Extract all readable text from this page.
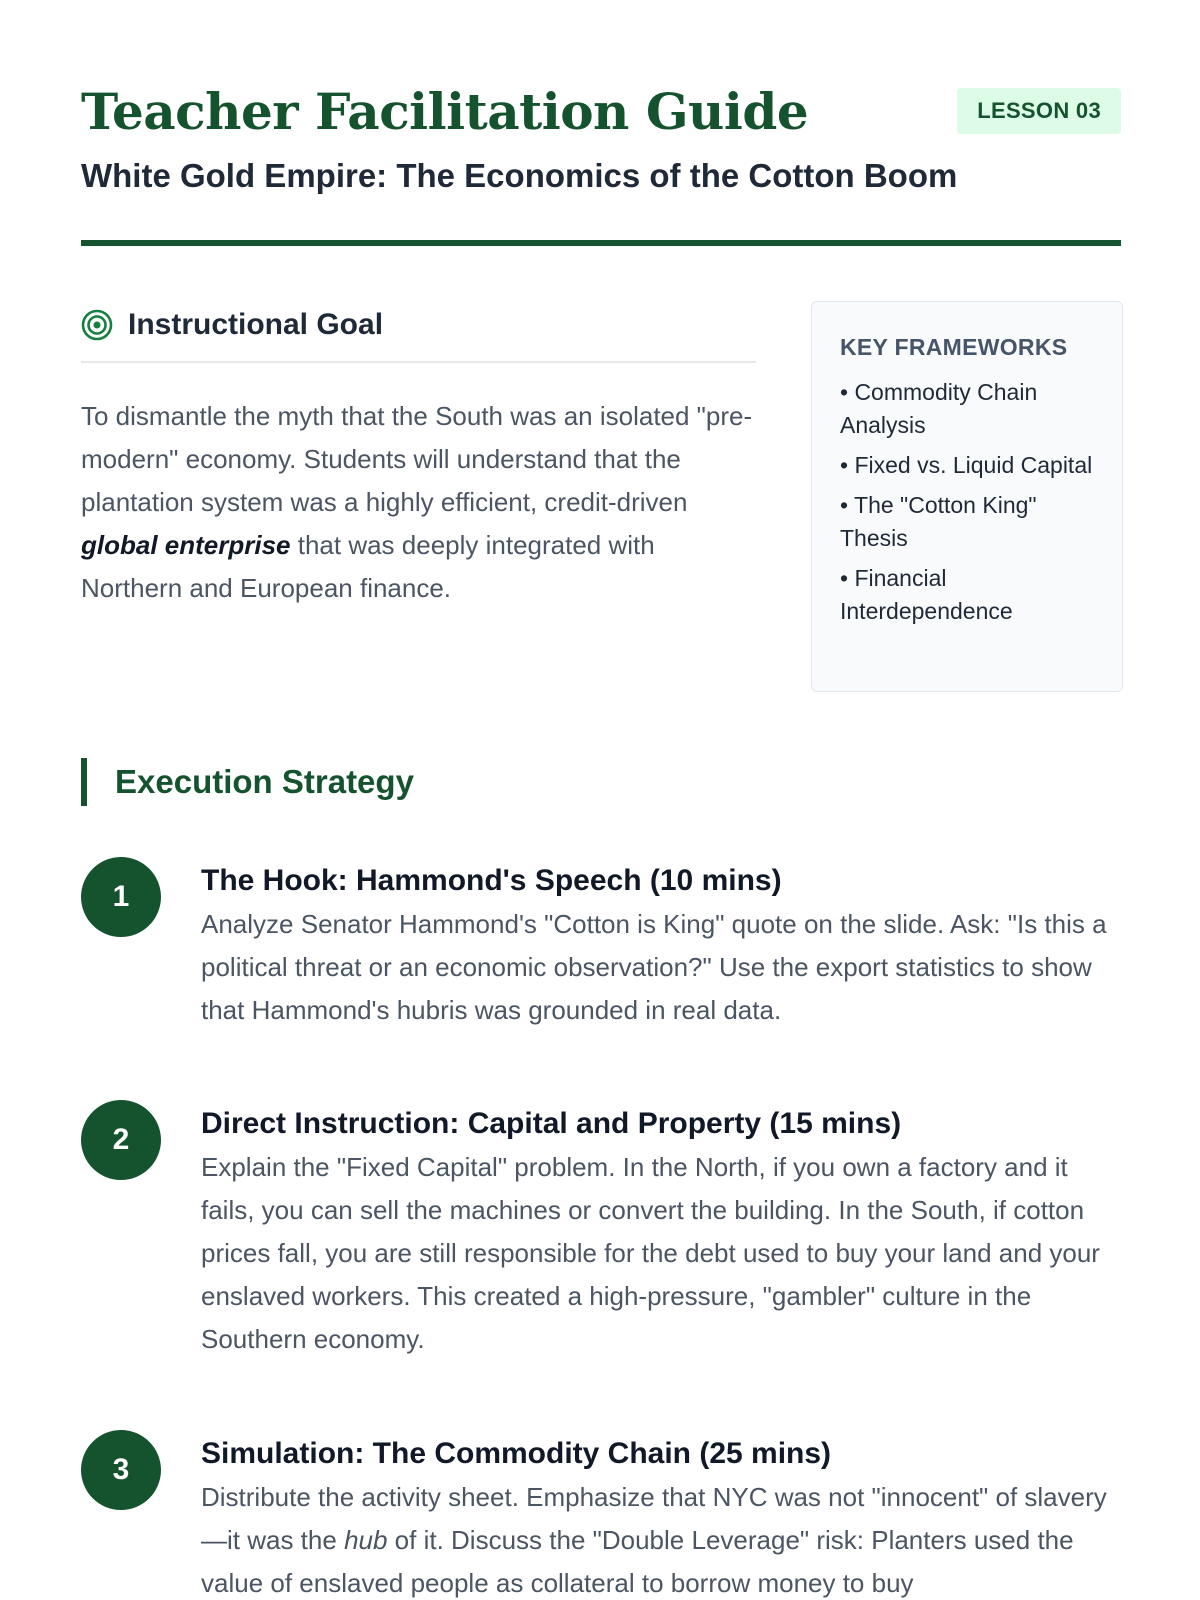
Teacher Facilitation Guide	LESSON 03
White Gold Empire: The Economics of the Cotton Boom
Instructional Goal

To dismantle the myth that the South was an isolated "pre-modern" economy. Students will understand that the plantation system was a highly efficient, credit-driven global enterprise that was deeply integrated with Northern and European finance.

KEY FRAMEWORKS
• Commodity Chain Analysis
• Fixed vs. Liquid Capital
• The "Cotton King" Thesis
• Financial Interdependence
Execution Strategy
1	The Hook: Hammond's Speech (10 mins)

Analyze Senator Hammond's "Cotton is King" quote on the slide. Ask: "Is this a political threat or an economic observation?" Use the export statistics to show that Hammond's hubris was grounded in real data.

2	Direct Instruction: Capital and Property (15 mins)

Explain the "Fixed Capital" problem. In the North, if you own a factory and it fails, you can sell the machines or convert the building. In the South, if cotton prices fall, you are still responsible for the debt used to buy your land and your enslaved workers. This created a high-pressure, "gambler" culture in the Southern economy.

3	Simulation: The Commodity Chain (25 mins)

Distribute the activity sheet. Emphasize that NYC was not "innocent" of slavery—it was the hub of it. Discuss the "Double Leverage" risk: Planters used the value of enslaved people as collateral to borrow money to buy
